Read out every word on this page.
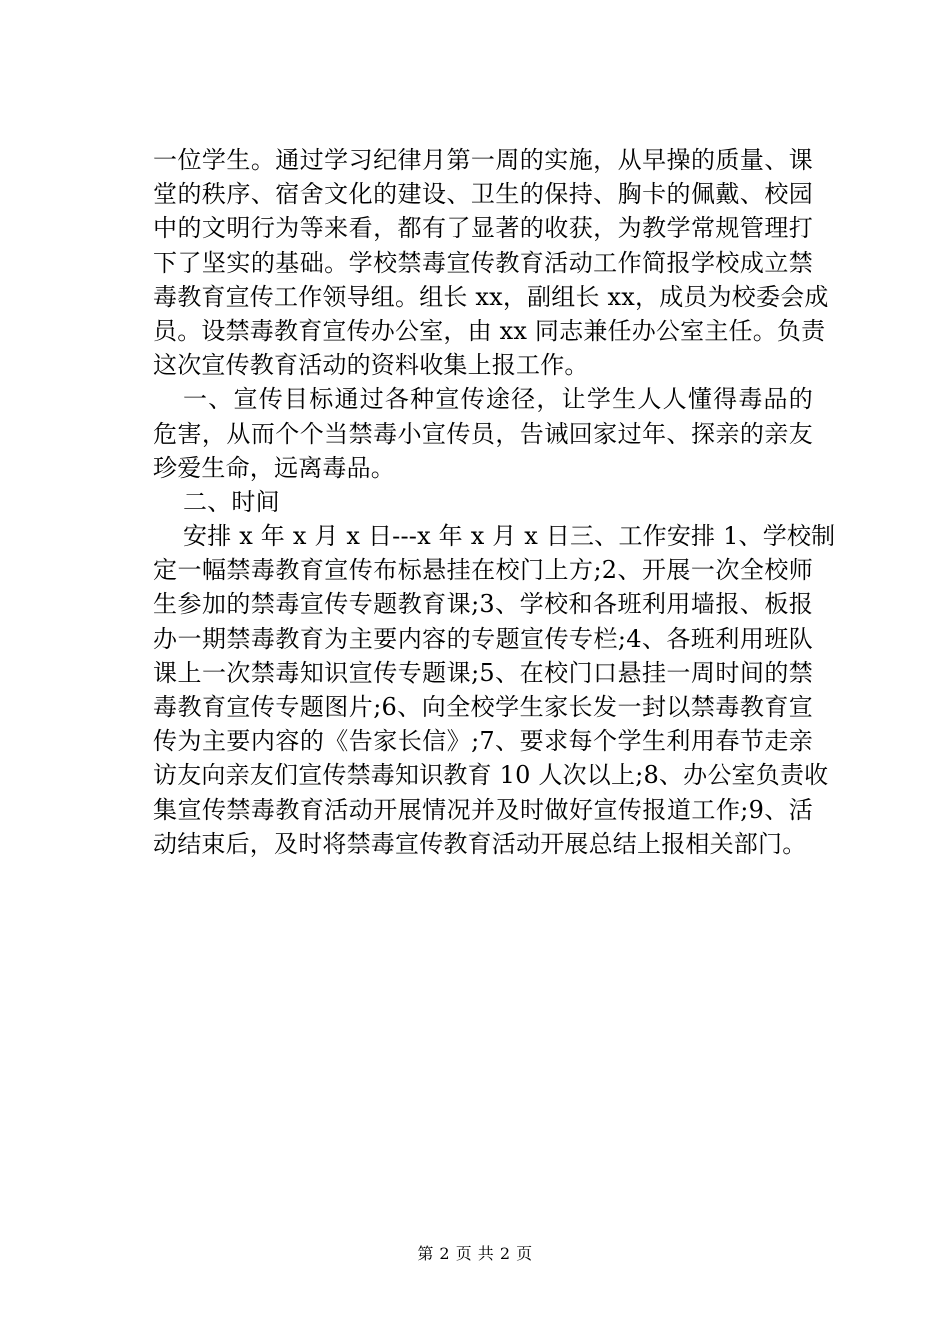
一位学生。通过学习纪律月第一周的实施，从早操的质量、课
堂的秩序、宿舍文化的建设、卫生的保持、胸卡的佩戴、校园
中的文明行为等来看，都有了显著的收获，为教学常规管理打
下了坚实的基础。学校禁毒宣传教育活动工作简报学校成立禁
毒教育宣传工作领导组。组长 xx，副组长 xx，成员为校委会成
员。设禁毒教育宣传办公室，由 xx 同志兼任办公室主任。负责
这次宣传教育活动的资料收集上报工作。
一、宣传目标通过各种宣传途径，让学生人人懂得毒品的
危害，从而个个当禁毒小宣传员，告诫回家过年、探亲的亲友
珍爱生命，远离毒品。
二、时间
安排 x 年 x 月 x 日---x 年 x 月 x 日三、工作安排 1、学校制
定一幅禁毒教育宣传布标悬挂在校门上方;2、开展一次全校师
生参加的禁毒宣传专题教育课;3、学校和各班利用墙报、板报
办一期禁毒教育为主要内容的专题宣传专栏;4、各班利用班队
课上一次禁毒知识宣传专题课;5、在校门口悬挂一周时间的禁
毒教育宣传专题图片;6、向全校学生家长发一封以禁毒教育宣
传为主要内容的《告家长信》;7、要求每个学生利用春节走亲
访友向亲友们宣传禁毒知识教育 10 人次以上;8、办公室负责收
集宣传禁毒教育活动开展情况并及时做好宣传报道工作;9、活
动结束后，及时将禁毒宣传教育活动开展总结上报相关部门。
第 2 页 共 2 页
